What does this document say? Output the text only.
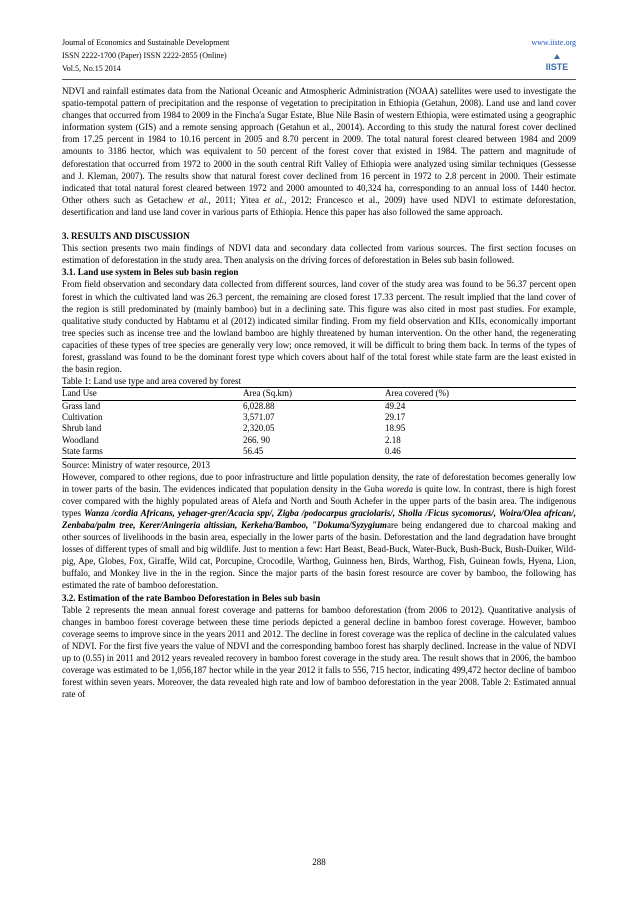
Journal of Economics and Sustainable Development
ISSN 2222-1700 (Paper) ISSN 2222-2855 (Online)
Vol.5, No.15 2014
www.iiste.org
IISTE

NDVI and rainfall estimates data from the National Oceanic and Atmospheric Administration (NOAA) satellites were used to investigate the spatio-tempotal pattern of precipitation and the response of vegetation to precipitation in Ethiopia (Getahun, 2008). Land use and land cover changes that occurred from 1984 to 2009 in the Fincha'a Sugar Estate, Blue Nile Basin of western Ethiopia, were estimated using a geographic information system (GIS) and a remote sensing approach (Getahun et al., 20014). According to this study the natural forest cover declined from 17.25 percent in 1984 to 10.16 percent in 2005 and 8.70 percent in 2009. The total natural forest cleared between 1984 and 2009 amounts to 3186 hector, which was equivalent to 50 percent of the forest cover that existed in 1984. The pattern and magnitude of deforestation that occurred from 1972 to 2000 in the south central Rift Valley of Ethiopia were analyzed using similar techniques (Gessesse and J. Kleman, 2007). The results show that natural forest cover declined from 16 percent in 1972 to 2.8 percent in 2000. Their estimate indicated that total natural forest cleared between 1972 and 2000 amounted to 40,324 ha, corresponding to an annual loss of 1440 hector. Other others such as Getachew et al., 2011; Yitea et al., 2012; Francesco et al., 2009) have used NDVI to estimate deforestation, desertification and land use land cover in various parts of Ethiopia. Hence this paper has also followed the same approach.

3. RESULTS AND DISCUSSION

This section presents two main findings of NDVI data and secondary data collected from various sources. The first section focuses on estimation of deforestation in the study area. Then analysis on the driving forces of deforestation in Beles sub basin followed.

3.1. Land use system in Beles sub basin region

From field observation and secondary data collected from different sources, land cover of the study area was found to be 56.37 percent open forest in which the cultivated land was 26.3 percent, the remaining are closed forest 17.33 percent. The result implied that the land cover of the region is still predominated by (mainly bamboo) but in a declining sate. This figure was also cited in most past studies. For example, qualitative study conducted by Habtamu et al (2012) indicated similar finding. From my field observation and KIIs, economically important tree species such as incense tree and the lowland bamboo are highly threatened by human intervention. On the other hand, the regenerating capacities of these types of tree species are generally very low; once removed, it will be difficult to bring them back. In terms of the types of forest, grassland was found to be the dominant forest type which covers about half of the total forest while state farm are the least existed in the basin region.

Table 1: Land use type and area covered by forest
Land Use	Area (Sq.km)	Area covered (%)
Grass land	6,028.88	49.24
Cultivation	3,571.07	29.17
Shrub land	2,320.05	18.95
Woodland	266. 90	2.18
State farms	56.45	0.46
Source: Ministry of water resource, 2013

However, compared to other regions, due to poor infrastructure and little population density, the rate of deforestation becomes generally low in tower parts of the basin. The evidences indicated that population density in the Guba woreda is quite low. In contrast, there is high forest cover compared with the highly populated areas of Alefa and North and South Achefer in the upper parts of the basin area. The indigenous types Wanza /cordia Africans, yehager-grer/Acacia spp/, Zigba /podocarpus graciolaris/, Sholla /Ficus sycomorus/, Woira/Olea african/, Zenbaba/palm tree, Kerer/Aningeria altissian, Kerkeha/Bamboo, "Dokuma/Syzygiumare being endangered due to charcoal making and other sources of livelihoods in the basin area, especially in the lower parts of the basin. Deforestation and the land degradation have brought losses of different types of small and big wildlife. Just to mention a few: Hart Beast, Bead-Buck, Water-Buck, Bush-Buck, Bush-Duiker, Wild-pig, Ape, Globes, Fox, Giraffe, Wild cat, Porcupine, Crocodile, Warthog, Guinness hen, Birds, Warthog, Fish, Guinean fowls, Hyena, Lion, buffalo, and Monkey live in the in the region. Since the major parts of the basin forest resource are cover by bamboo, the following has estimated the rate of bamboo deforestation.

3.2. Estimation of the rate Bamboo Deforestation in Beles sub basin

Table 2 represents the mean annual forest coverage and patterns for bamboo deforestation (from 2006 to 2012). Quantitative analysis of changes in bamboo forest coverage between these time periods depicted a general decline in bamboo forest coverage. However, bamboo coverage seems to improve since in the years 2011 and 2012. The decline in forest coverage was the replica of decline in the calculated values of NDVI. For the first five years the value of NDVI and the corresponding bamboo forest has sharply declined. Increase in the value of NDVI up to (0.55) in 2011 and 2012 years revealed recovery in bamboo forest coverage in the study area. The result shows that in 2006, the bamboo coverage was estimated to be 1,056,187 hector while in the year 2012 it falls to 556, 715 hector, indicating 499,472 hector decline of bamboo forest within seven years. Moreover, the data revealed high rate and low of bamboo deforestation in the year 2008. Table 2: Estimated annual rate of

288
